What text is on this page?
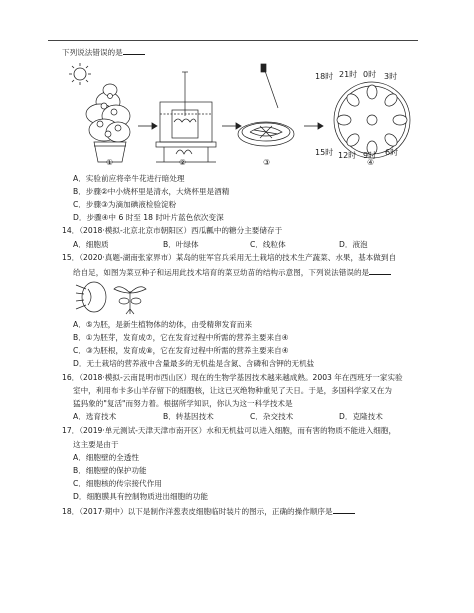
下列说法错误的是
18时 21时 0时 3时
15时 12时 9时 6时
①	②	③	④
A．实验前应将牵牛花进行暗处理
B．步骤②中小烧杯里是清水，大烧杯里是酒精
C．步骤③为滴加碘液检验淀粉
D．步骤④中 6 时至 18 时叶片蓝色依次变深
14．（2018·模拟-北京北京市朝阳区）西瓜瓤中的糖分主要储存于
A．细胞质	B．叶绿体	C．线粒体	D．液泡
15．（2020·真题-湖南张家界市）某岛的驻军官兵采用无土栽培的技术生产蔬菜、水果，基本做到自
给自足，如图为菜豆种子和运用此技术培育的菜豆幼苗的结构示意图，下列说法错误的是
A．⑤为胚，是新生植物体的幼体，由受精卵发育而来
B．①为胚芽，发育成⑦，它在发育过程中所需的营养主要来自④
C．③为胚根，发育成⑧，它在发育过程中所需的营养主要来自④
D．无土栽培的营养液中含量最多的无机盐是含氮、含磷和含钾的无机盐
16．（2018·模拟-云南昆明市西山区）现在的生物学基因技术越来越成熟。2003 年在西班牙一家实验
室中，利用布卡多山羊存留下的细胞核，让这已灭绝物种重见了天日。于是，多国科学家又在为
猛犸象的"复活"而努力着。根据所学知识，你认为这一科学技术是
A．选育技术	B．转基因技术	C．杂交技术	D．克隆技术
17．（2019·单元测试-天津天津市南开区）水和无机盐可以进入细胞，而有害的物质不能进入细胞，
这主要是由于
A．细胞壁的全透性
B．细胞壁的保护功能
C．细胞核的传宗接代作用
D．细胞膜具有控制物质进出细胞的功能
18．（2017·期中）以下是制作洋葱表皮细胞临时装片的图示，正确的操作顺序是
